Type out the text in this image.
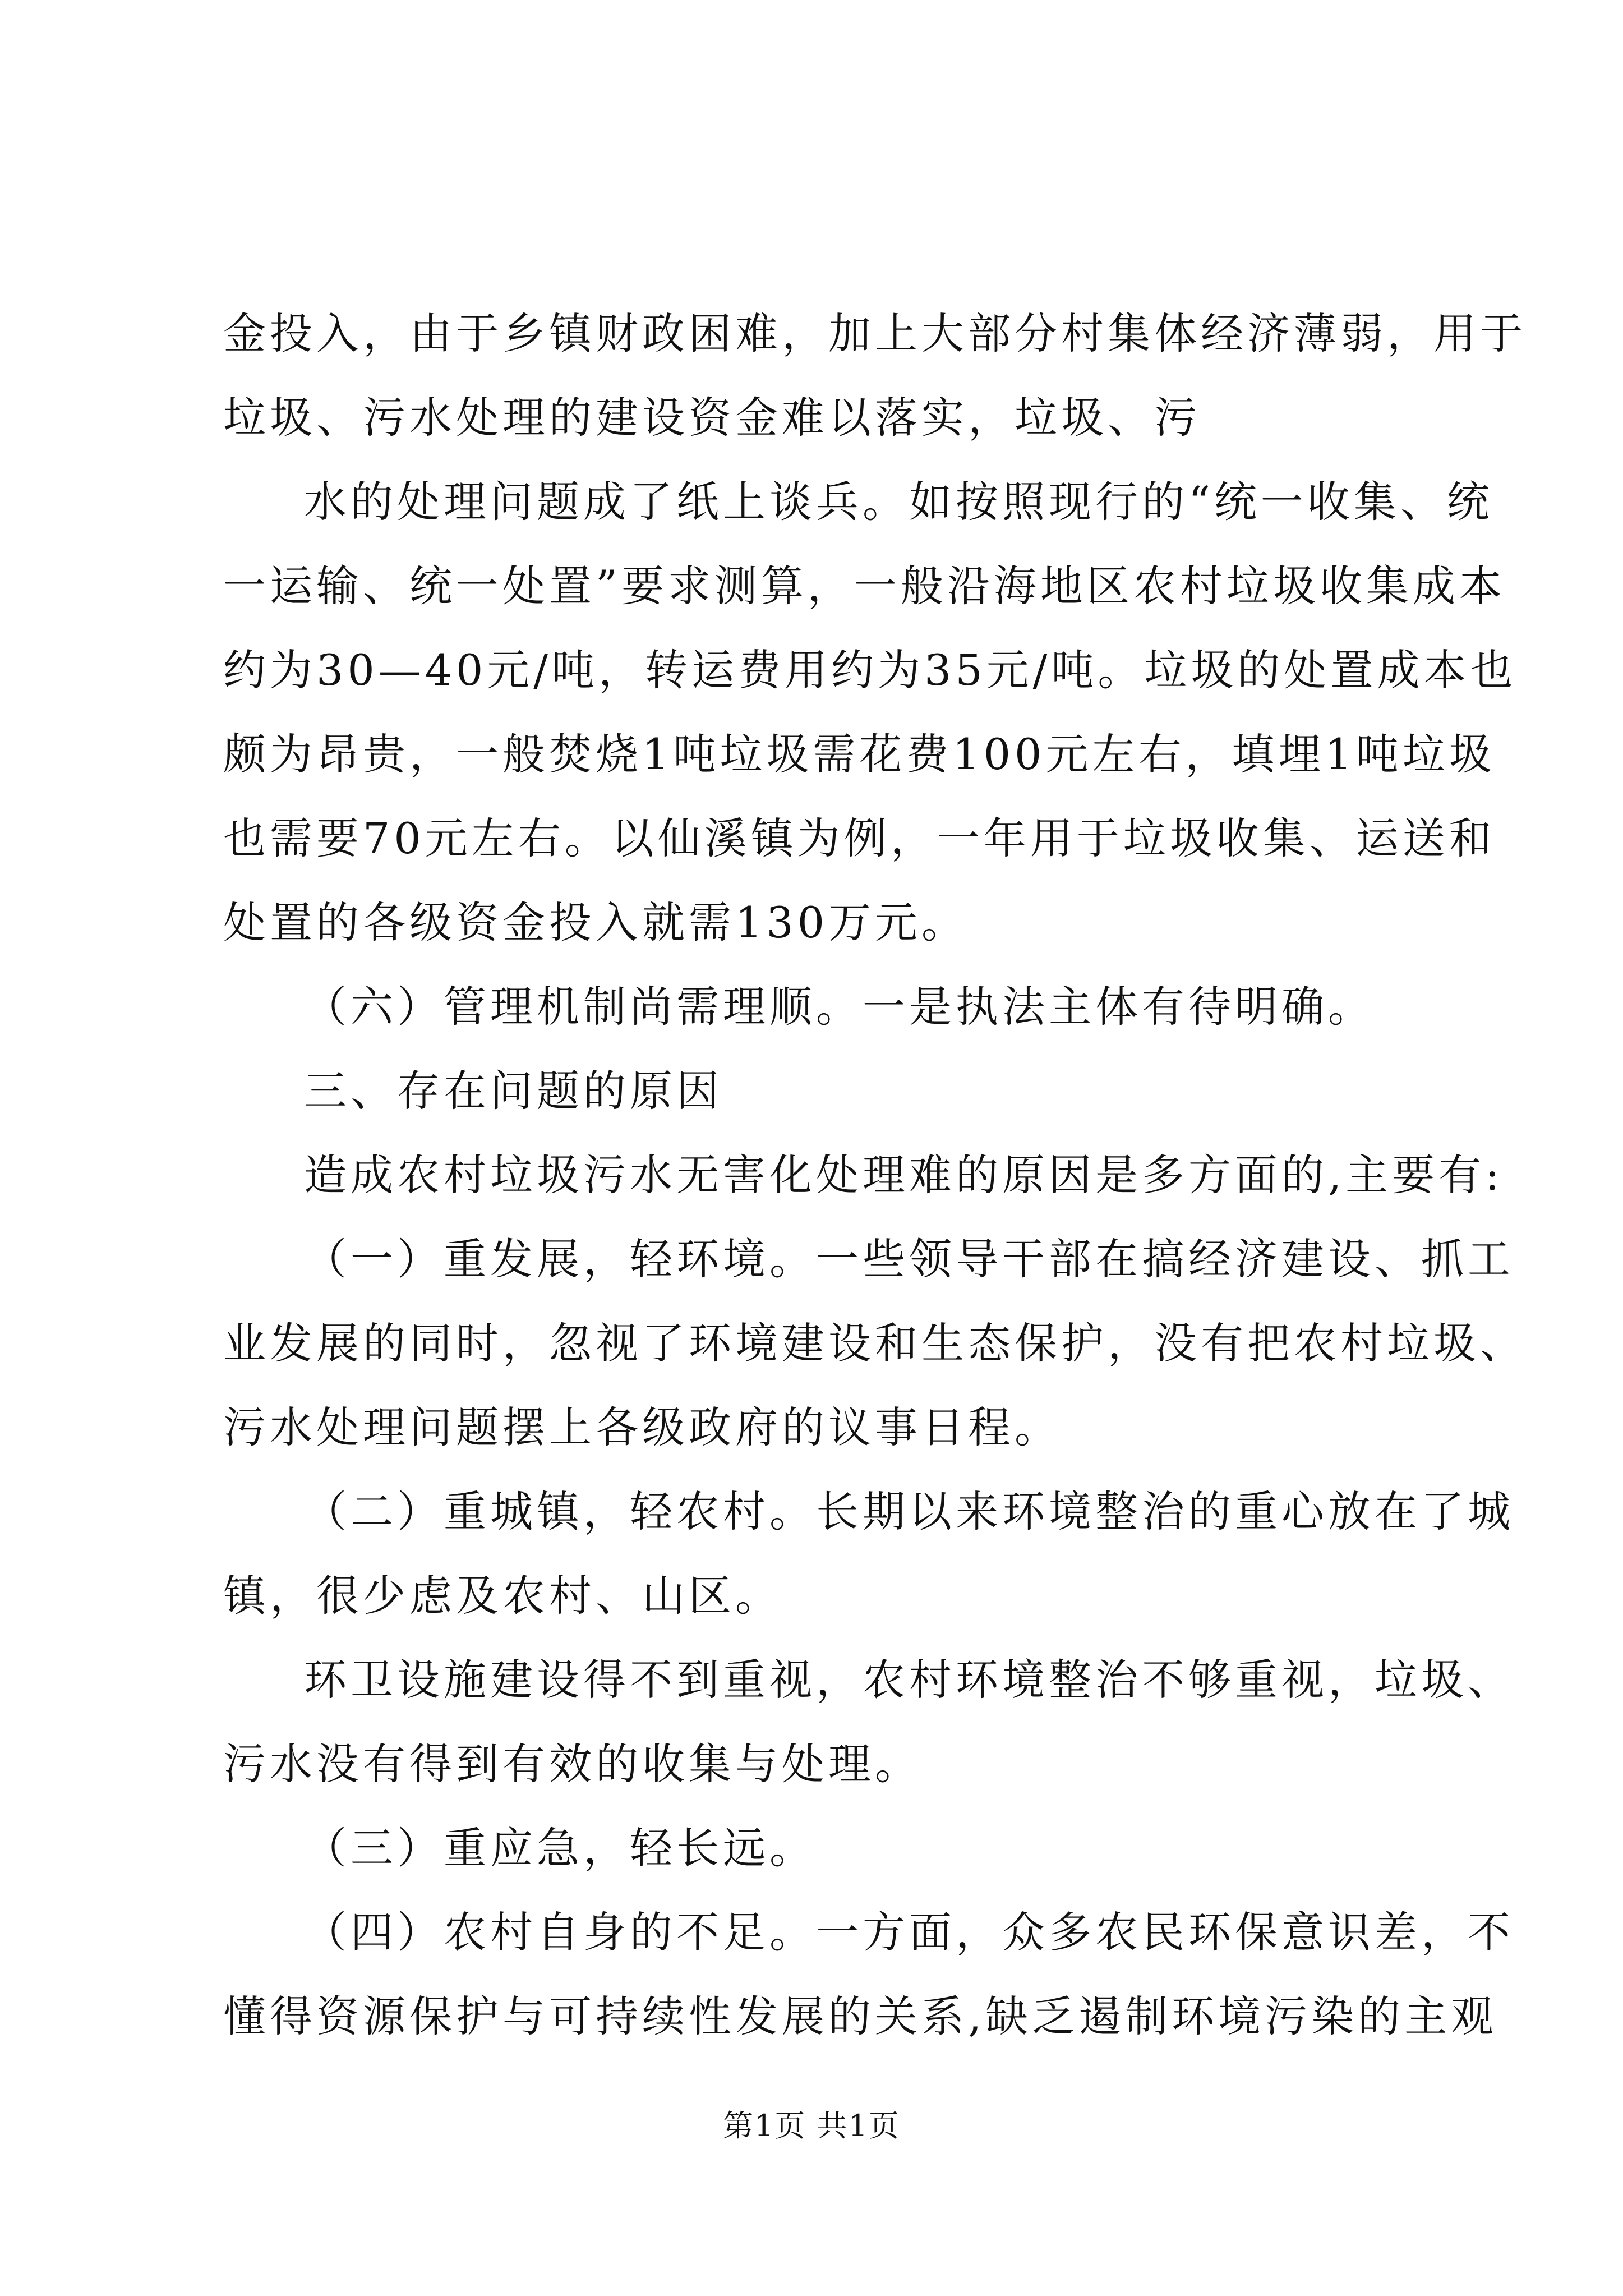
金投入，由于乡镇财政困难，加上大部分村集体经济薄弱，用于
垃圾、污水处理的建设资金难以落实，垃圾、污
水的处理问题成了纸上谈兵。如按照现行的“统一收集、统
一运输、统一处置”要求测算，一般沿海地区农村垃圾收集成本
约为30—40元/吨，转运费用约为35元/吨。垃圾的处置成本也
颇为昂贵，一般焚烧1吨垃圾需花费100元左右，填埋1吨垃圾
也需要70元左右。以仙溪镇为例，一年用于垃圾收集、运送和
处置的各级资金投入就需130万元。
（六）管理机制尚需理顺。一是执法主体有待明确。
三、存在问题的原因
造成农村垃圾污水无害化处理难的原因是多方面的,主要有:
（一）重发展，轻环境。一些领导干部在搞经济建设、抓工
业发展的同时，忽视了环境建设和生态保护，没有把农村垃圾、
污水处理问题摆上各级政府的议事日程。
（二）重城镇，轻农村。长期以来环境整治的重心放在了城
镇，很少虑及农村、山区。
环卫设施建设得不到重视，农村环境整治不够重视，垃圾、
污水没有得到有效的收集与处理。
（三）重应急，轻长远。
（四）农村自身的不足。一方面，众多农民环保意识差，不
懂得资源保护与可持续性发展的关系,缺乏遏制环境污染的主观
第1页 共1页
